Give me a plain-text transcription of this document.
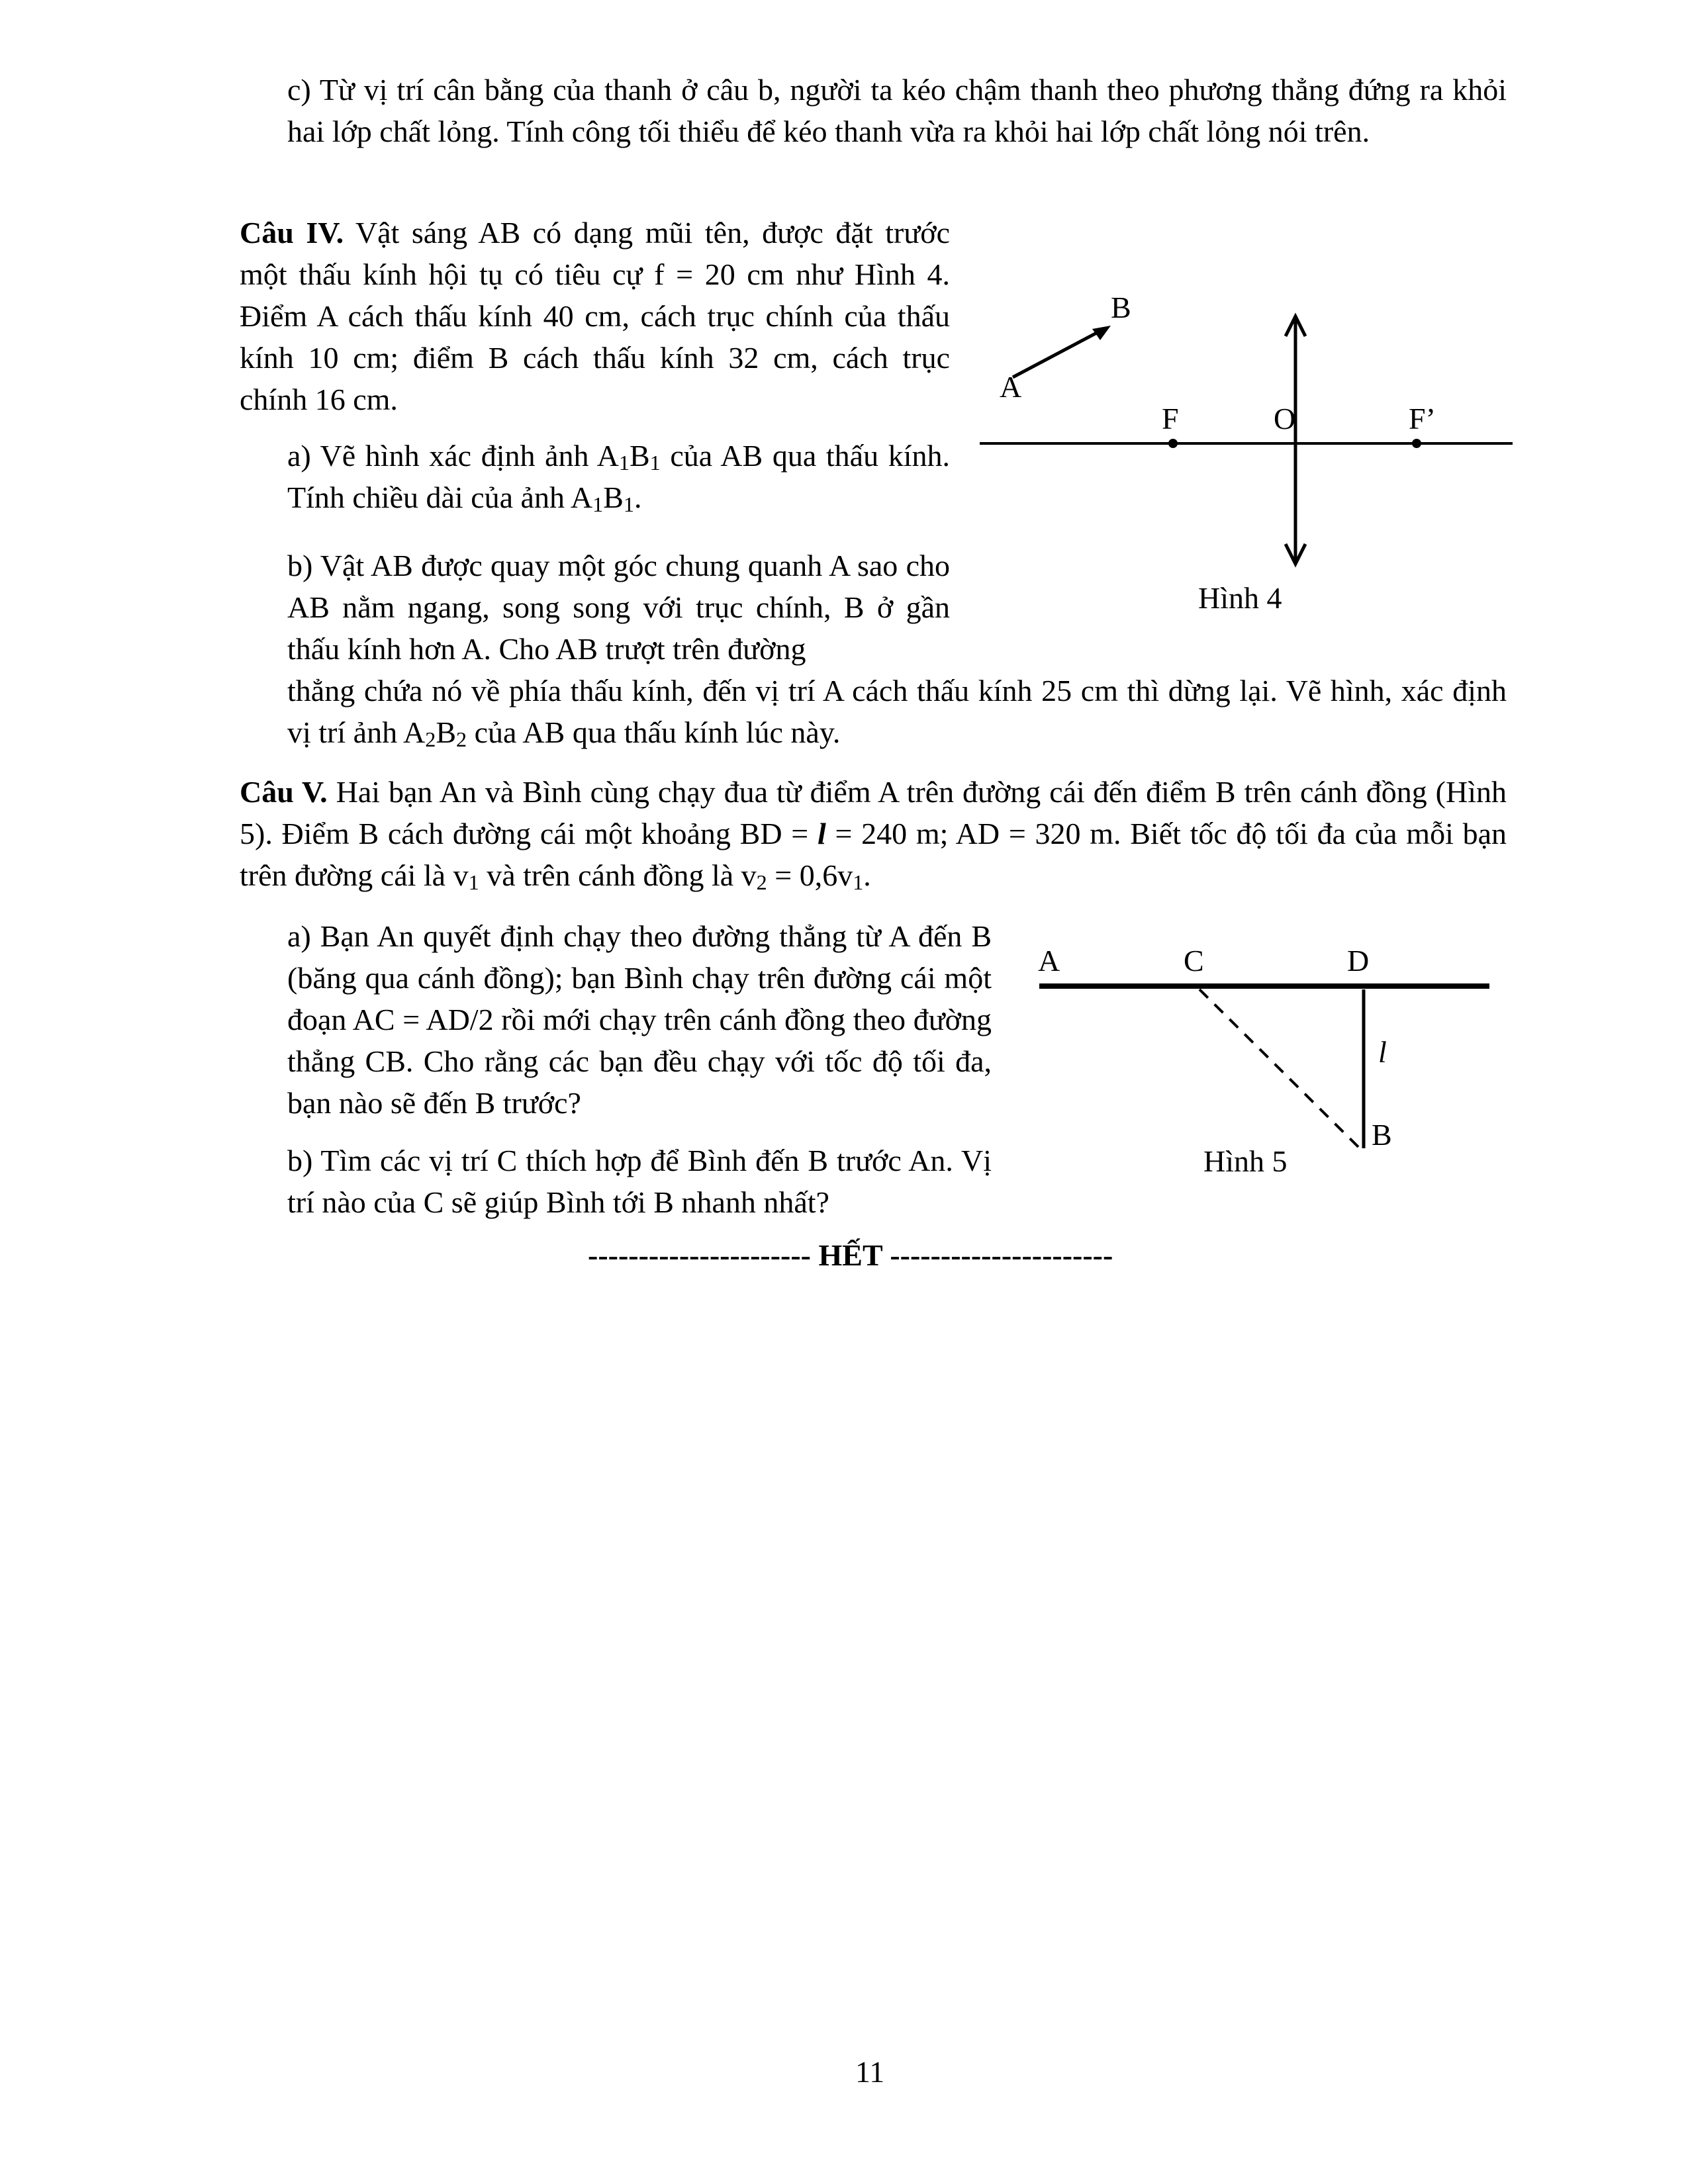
c) Từ vị trí cân bằng của thanh ở câu b, người ta kéo chậm thanh theo phương thẳng đứng ra khỏi hai lớp chất lỏng. Tính công tối thiểu để kéo thanh vừa ra khỏi hai lớp chất lỏng nói trên.

Câu IV. Vật sáng AB có dạng mũi tên, được đặt trước một thấu kính hội tụ có tiêu cự f = 20 cm như Hình 4. Điểm A cách thấu kính 40 cm, cách trục chính của thấu kính 10 cm; điểm B cách thấu kính 32 cm, cách trục chính 16 cm.

a) Vẽ hình xác định ảnh $A_1B_1$ của AB qua thấu kính. Tính chiều dài của ảnh $A_1B_1$.

b) Vật AB được quay một góc chung quanh A sao cho AB nằm ngang, song song với trục chính, B ở gần thấu kính hơn A. Cho AB trượt trên đường

thẳng chứa nó về phía thấu kính, đến vị trí A cách thấu kính 25 cm thì dừng lại. Vẽ hình, xác định vị trí ảnh $A_2B_2$ của AB qua thấu kính lúc này.

A
B
F	O	F’
Hình 4

Câu V. Hai bạn An và Bình cùng chạy đua từ điểm A trên đường cái đến điểm B trên cánh đồng (Hình 5). Điểm B cách đường cái một khoảng BD = l = 240 m; AD = 320 m. Biết tốc độ tối đa của mỗi bạn trên đường cái là $v_1$ và trên cánh đồng là $v_2 = 0,6v_1$.

a) Bạn An quyết định chạy theo đường thẳng từ A đến B (băng qua cánh đồng); bạn Bình chạy trên đường cái một đoạn AC = AD/2 rồi mới chạy trên cánh đồng theo đường thẳng CB. Cho rằng các bạn đều chạy với tốc độ tối đa, bạn nào sẽ đến B trước?

b) Tìm các vị trí C thích hợp để Bình đến B trước An. Vị trí nào của C sẽ giúp Bình tới B nhanh nhất?

A	C	D
l
B
Hình 5
---------------------- HẾT ----------------------
11
